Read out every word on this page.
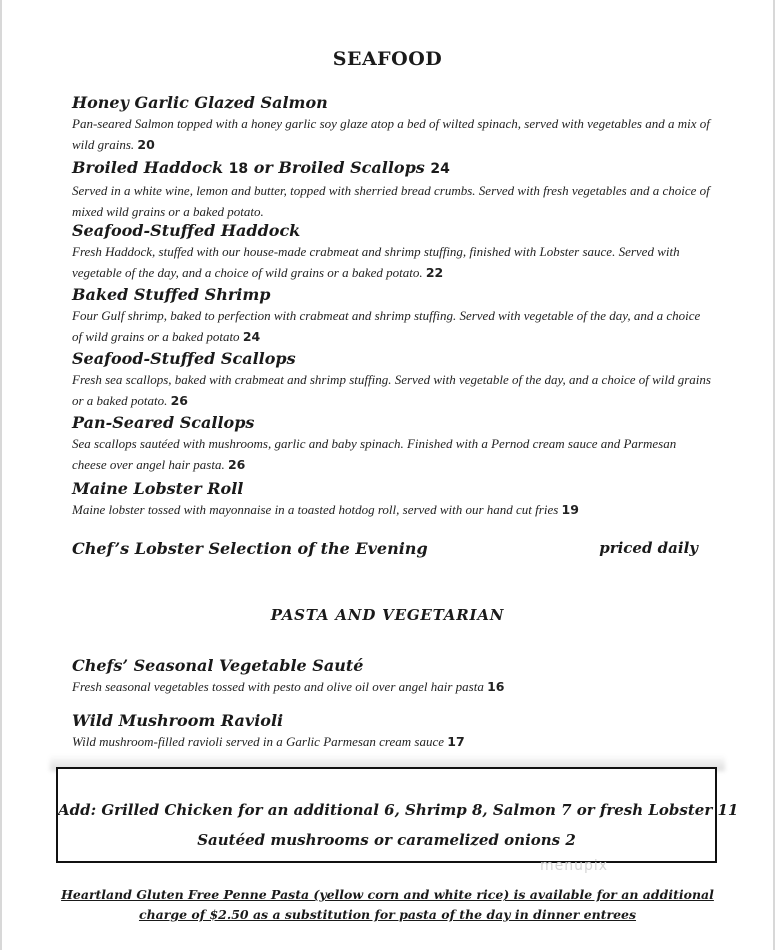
SEAFOOD
Honey Garlic Glazed Salmon
Pan-seared Salmon topped with a honey garlic soy glaze atop a bed of wilted spinach, served with vegetables and a mix of wild grains. 20
Broiled Haddock 18 or Broiled Scallops 24
Served in a white wine, lemon and butter, topped with sherried bread crumbs. Served with fresh vegetables and a choice of mixed wild grains or a baked potato.
Seafood-Stuffed Haddock
Fresh Haddock, stuffed with our house-made crabmeat and shrimp stuffing, finished with Lobster sauce. Served with vegetable of the day, and a choice of wild grains or a baked potato. 22
Baked Stuffed Shrimp
Four Gulf shrimp, baked to perfection with crabmeat and shrimp stuffing. Served with vegetable of the day, and a choice of wild grains or a baked potato 24
Seafood-Stuffed Scallops
Fresh sea scallops, baked with crabmeat and shrimp stuffing. Served with vegetable of the day, and a choice of wild grains or a baked potato. 26
Pan-Seared Scallops
Sea scallops sautéed with mushrooms, garlic and baby spinach. Finished with a Pernod cream sauce and Parmesan cheese over angel hair pasta. 26
Maine Lobster Roll
Maine lobster tossed with mayonnaise in a toasted hotdog roll, served with our hand cut fries 19
Chef’s Lobster Selection of the Evening	priced daily
PASTA AND VEGETARIAN
Chefs’ Seasonal Vegetable Sauté
Fresh seasonal vegetables tossed with pesto and olive oil over angel hair pasta 16
Wild Mushroom Ravioli
Wild mushroom-filled ravioli served in a Garlic Parmesan cream sauce 17
Add: Grilled Chicken for an additional 6, Shrimp 8, Salmon 7 or fresh Lobster 11
Sautéed mushrooms or caramelized onions 2
menupix
Heartland Gluten Free Penne Pasta (yellow corn and white rice) is available for an additional
charge of $2.50 as a substitution for pasta of the day in dinner entrees
